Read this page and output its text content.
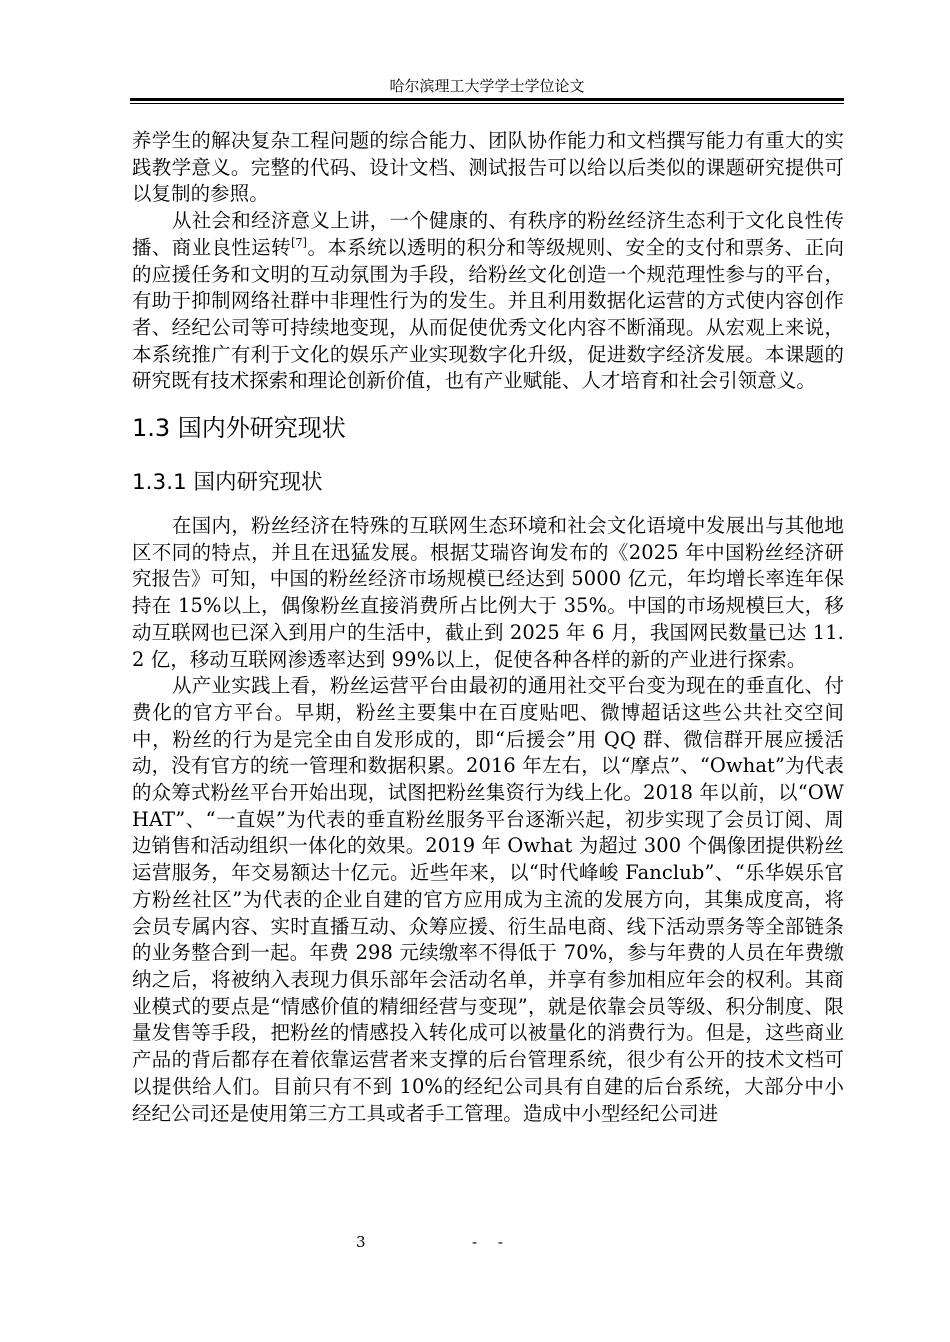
哈尔滨理工大学学士学位论文

养学生的解决复杂工程问题的综合能力、团队协作能力和文档撰写能力有重大的实践教学意义。完整的代码、设计文档、测试报告可以给以后类似的课题研究提供可以复制的参照。

从社会和经济意义上讲，一个健康的、有秩序的粉丝经济生态利于文化良性传播、商业良性运转[7]。本系统以透明的积分和等级规则、安全的支付和票务、正向的应援任务和文明的互动氛围为手段，给粉丝文化创造一个规范理性参与的平台，有助于抑制网络社群中非理性行为的发生。并且利用数据化运营的方式使内容创作者、经纪公司等可持续地变现，从而促使优秀文化内容不断涌现。从宏观上来说，本系统推广有利于文化的娱乐产业实现数字化升级，促进数字经济发展。本课题的研究既有技术探索和理论创新价值，也有产业赋能、人才培育和社会引领意义。

1.3 国内外研究现状
1.3.1 国内研究现状

在国内，粉丝经济在特殊的互联网生态环境和社会文化语境中发展出与其他地区不同的特点，并且在迅猛发展。根据艾瑞咨询发布的《2025 年中国粉丝经济研究报告》可知，中国的粉丝经济市场规模已经达到 5000 亿元，年均增长率连年保持在 15%以上，偶像粉丝直接消费所占比例大于 35%。中国的市场规模巨大，移动互联网也已深入到用户的生活中，截止到 2025 年 6 月，我国网民数量已达 11.2 亿，移动互联网渗透率达到 99%以上，促使各种各样的新的产业进行探索。

从产业实践上看，粉丝运营平台由最初的通用社交平台变为现在的垂直化、付费化的官方平台。早期，粉丝主要集中在百度贴吧、微博超话这些公共社交空间中，粉丝的行为是完全由自发形成的，即“后援会”用 QQ 群、微信群开展应援活动，没有官方的统一管理和数据积累。2016 年左右，以“摩点”、“Owhat”为代表的众筹式粉丝平台开始出现，试图把粉丝集资行为线上化。2018 年以前，以“OWHAT”、“一直娱”为代表的垂直粉丝服务平台逐渐兴起，初步实现了会员订阅、周边销售和活动组织一体化的效果。2019 年 Owhat 为超过 300 个偶像团提供粉丝运营服务，年交易额达十亿元。近些年来，以“时代峰峻 Fanclub”、“乐华娱乐官方粉丝社区”为代表的企业自建的官方应用成为主流的发展方向，其集成度高，将会员专属内容、实时直播互动、众筹应援、衍生品电商、线下活动票务等全部链条的业务整合到一起。年费 298 元续缴率不得低于 70%，参与年费的人员在年费缴纳之后，将被纳入表现力俱乐部年会活动名单，并享有参加相应年会的权利。其商业模式的要点是“情感价值的精细经营与变现”，就是依靠会员等级、积分制度、限量发售等手段，把粉丝的情感投入转化成可以被量化的消费行为。但是，这些商业产品的背后都存在着依靠运营者来支撑的后台管理系统，很少有公开的技术文档可以提供给人们。目前只有不到 10%的经纪公司具有自建的后台系统，大部分中小经纪公司还是使用第三方工具或者手工管理。造成中小型经纪公司进

3	- -
